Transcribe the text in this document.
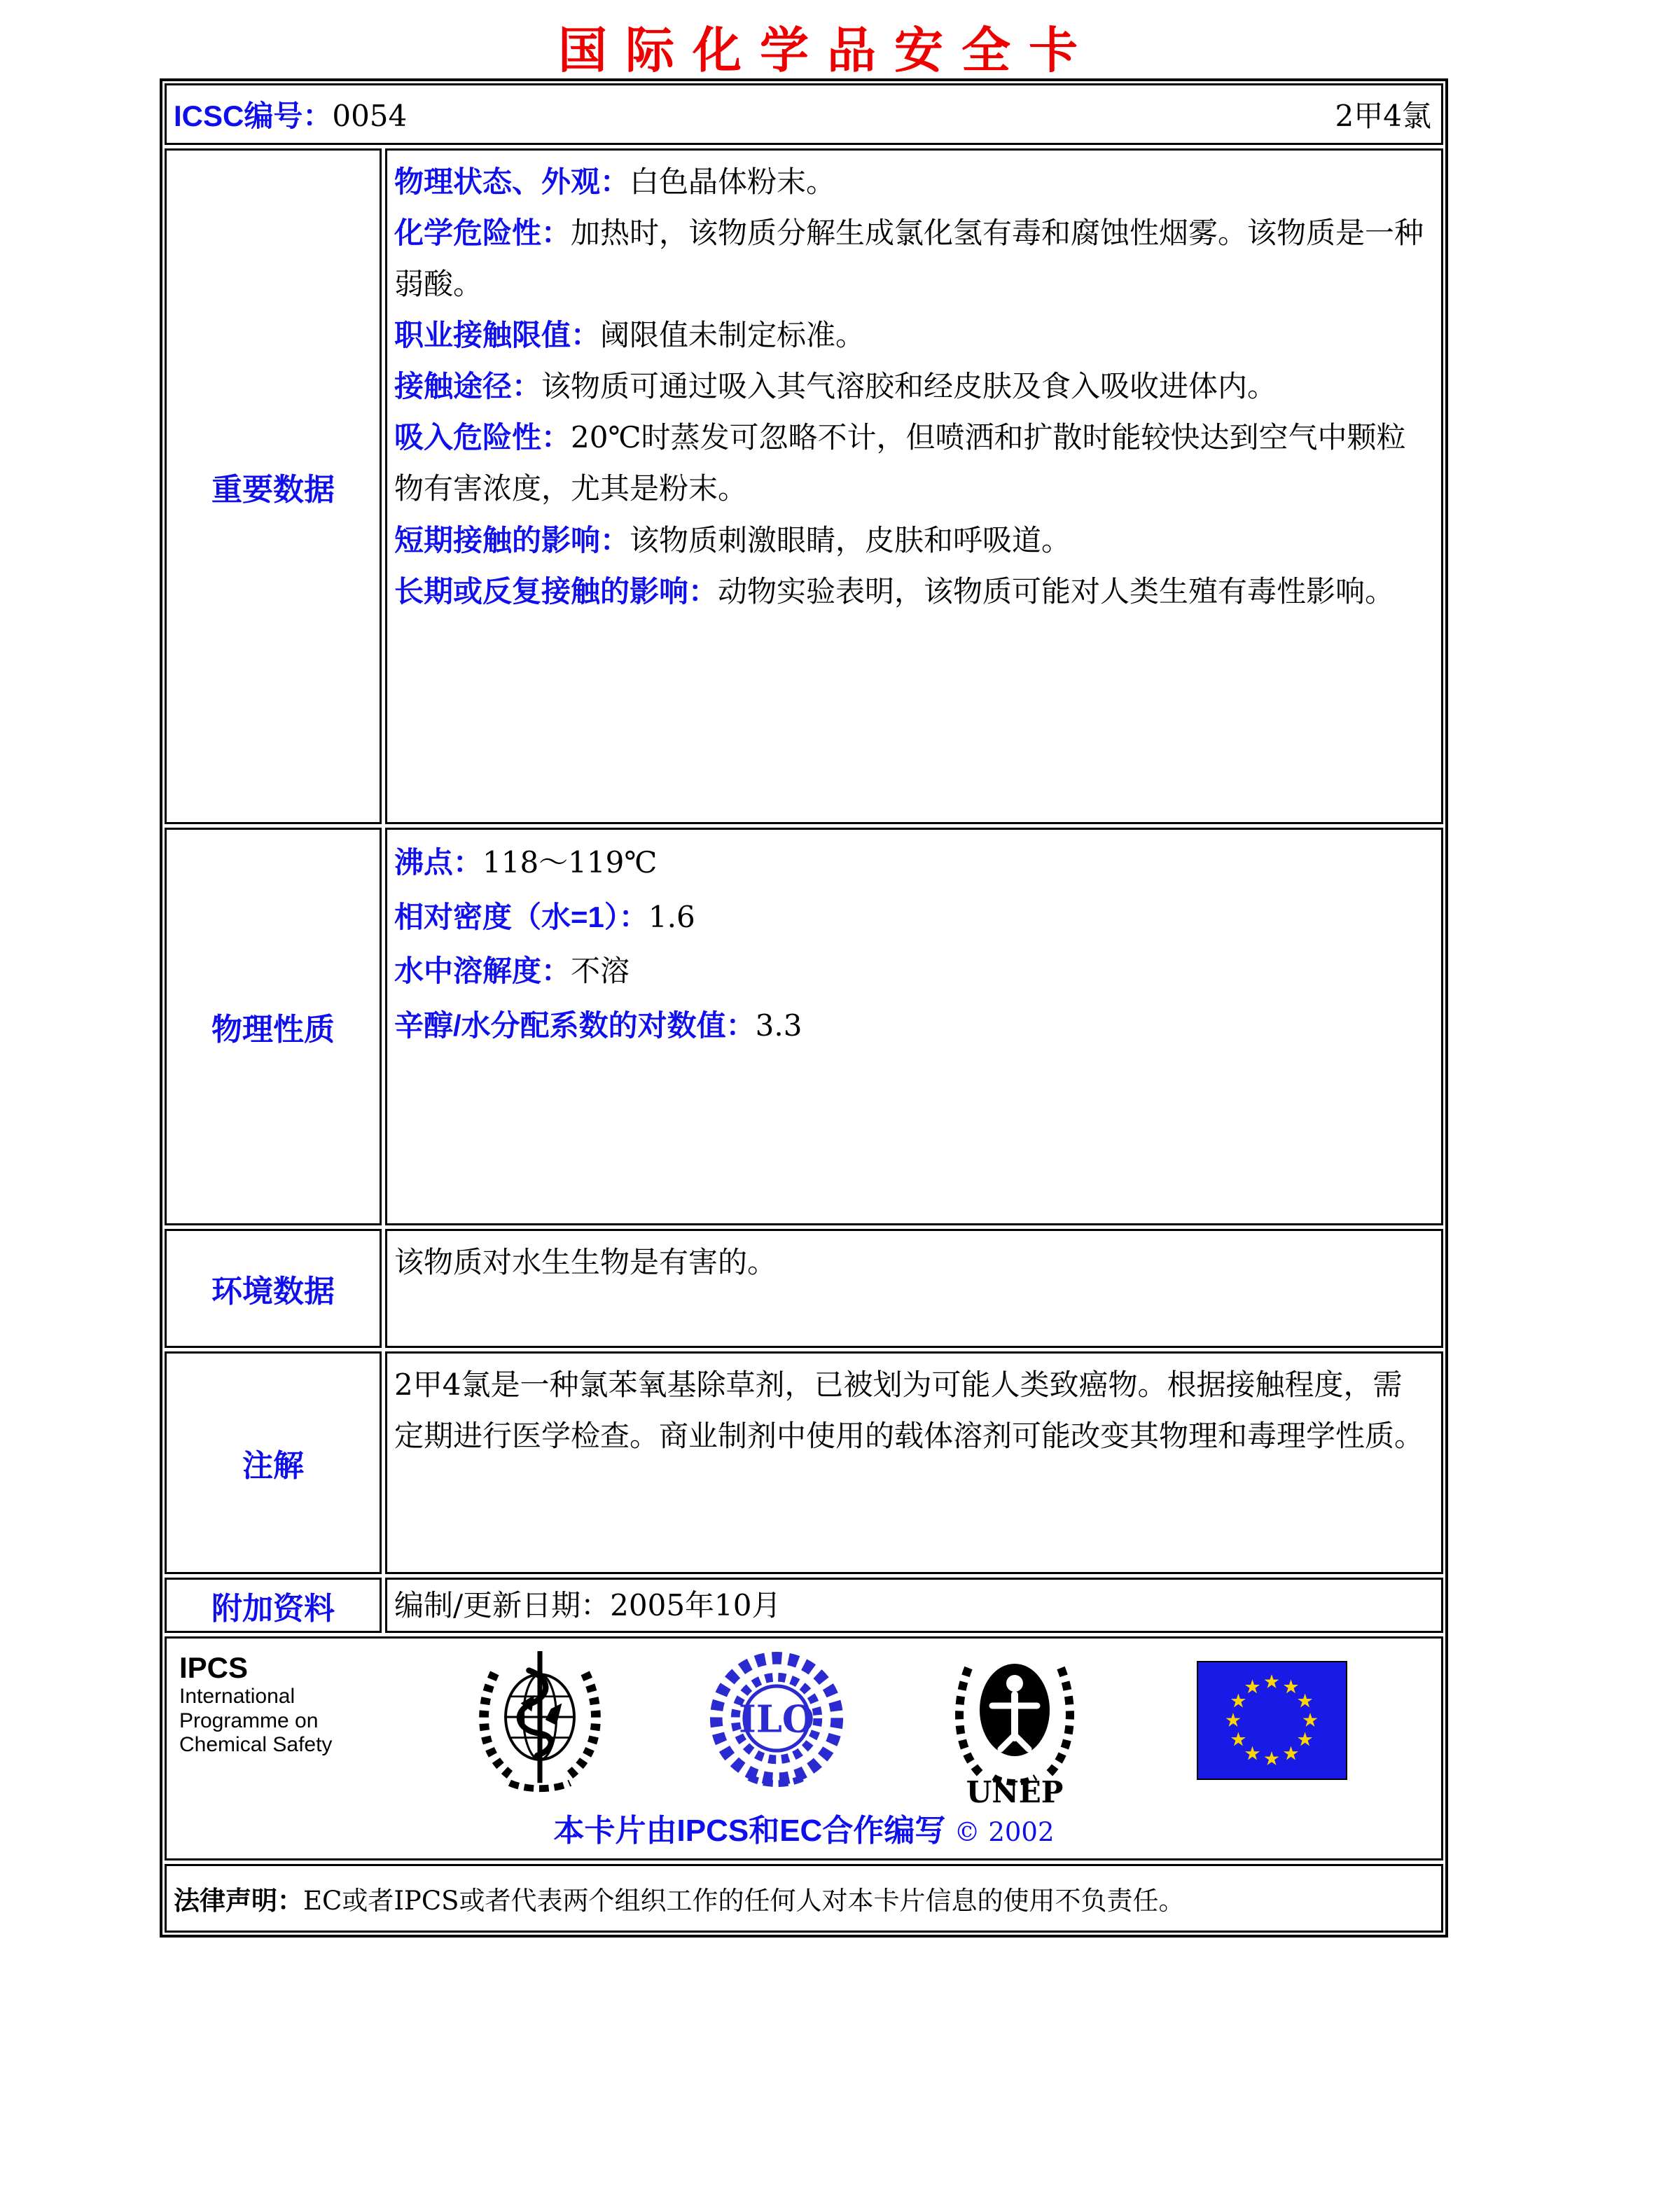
国际化学品安全卡
ICSC编号：0054	2甲4氯
重要数据

物理状态、外观：白色晶体粉末。

化学危险性：加热时，该物质分解生成氯化氢有毒和腐蚀性烟雾。该物质是一种弱酸。

职业接触限值：阈限值未制定标准。

接触途径：该物质可通过吸入其气溶胶和经皮肤及食入吸收进体内。

吸入危险性：20℃时蒸发可忽略不计，但喷洒和扩散时能较快达到空气中颗粒物有害浓度，尤其是粉末。

短期接触的影响：该物质刺激眼睛，皮肤和呼吸道。

长期或反复接触的影响：动物实验表明，该物质可能对人类生殖有毒性影响。

物理性质

沸点：118～119℃

相对密度（水=1）：1.6

水中溶解度：不溶

辛醇/水分配系数的对数值：3.3

环境数据

该物质对水生生物是有害的。

注解

2甲4氯是一种氯苯氧基除草剂，已被划为可能人类致癌物。根据接触程度，需定期进行医学检查。商业制剂中使用的载体溶剂可能改变其物理和毒理学性质。

附加资料	编制/更新日期：2005年10月

IPCS
International
Programme on
Chemical Safety
ILO
UNEP
本卡片由IPCS和EC合作编写 © 2002
法律声明： EC或者IPCS或者代表两个组织工作的任何人对本卡片信息的使用不负责任。
